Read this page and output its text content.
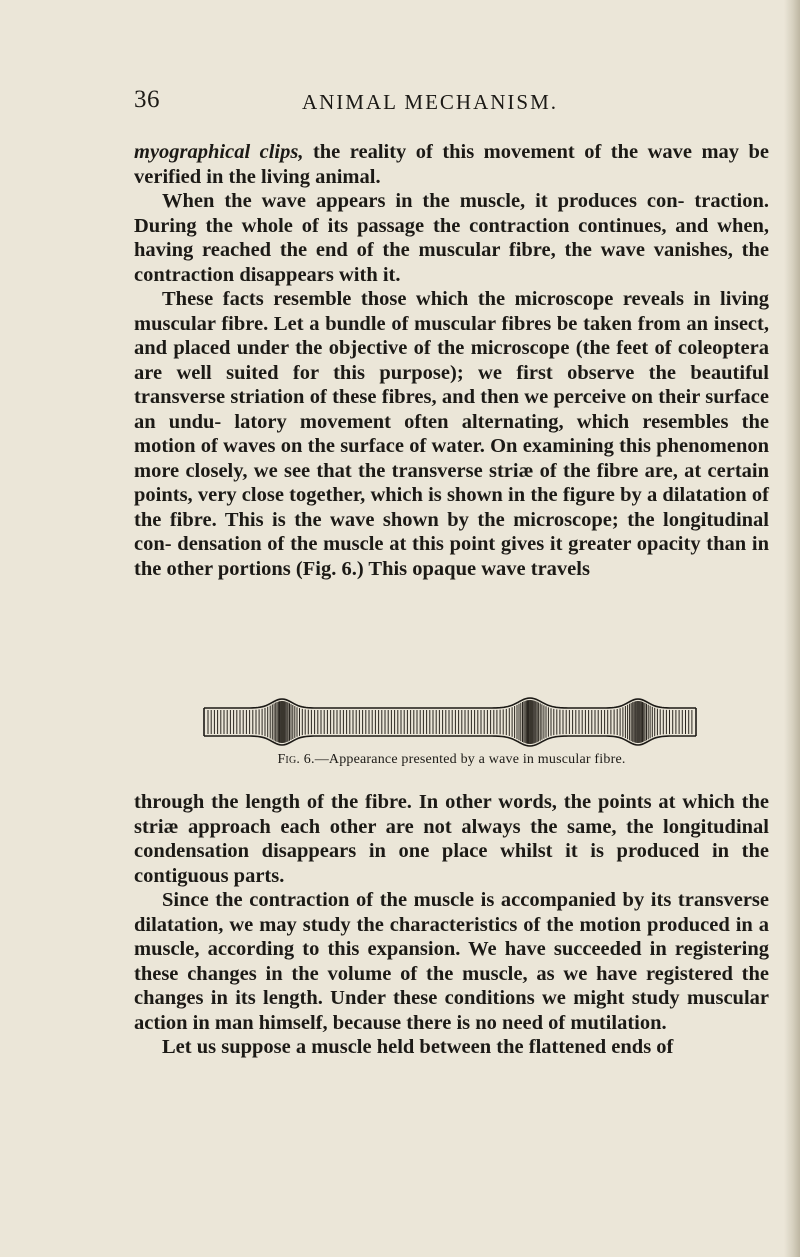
36	ANIMAL MECHANISM.

myographical clips, the reality of this movement of the wave may be verified in the living animal.

When the wave appears in the muscle, it produces con- traction. During the whole of its passage the contraction continues, and when, having reached the end of the muscular fibre, the wave vanishes, the contraction disappears with it.

These facts resemble those which the microscope reveals in living muscular fibre. Let a bundle of muscular fibres be taken from an insect, and placed under the objective of the microscope (the feet of coleoptera are well suited for this purpose); we first observe the beautiful transverse striation of these fibres, and then we perceive on their surface an undu- latory movement often alternating, which resembles the motion of waves on the surface of water. On examining this phenomenon more closely, we see that the transverse striæ of the fibre are, at certain points, very close together, which is shown in the figure by a dilatation of the fibre. This is the wave shown by the microscope; the longitudinal con- densation of the muscle at this point gives it greater opacity than in the other portions (Fig. 6.) This opaque wave travels

Fig. 6.—Appearance presented by a wave in muscular fibre.

through the length of the fibre. In other words, the points at which the striæ approach each other are not always the same, the longitudinal condensation disappears in one place whilst it is produced in the contiguous parts.

Since the contraction of the muscle is accompanied by its transverse dilatation, we may study the characteristics of the motion produced in a muscle, according to this expansion. We have succeeded in registering these changes in the volume of the muscle, as we have registered the changes in its length. Under these conditions we might study muscular action in man himself, because there is no need of mutilation.

Let us suppose a muscle held between the flattened ends of
